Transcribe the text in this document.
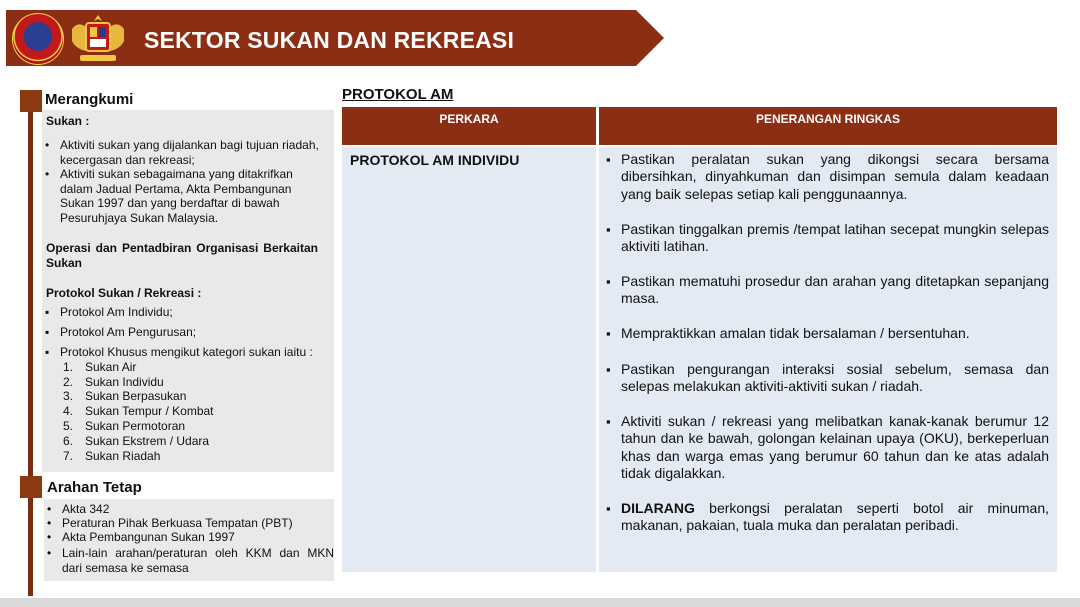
SEKTOR SUKAN DAN REKREASI
Merangkumi
Sukan :
• Aktiviti sukan yang dijalankan bagi tujuan riadah, kecergasan dan rekreasi;
• Aktiviti sukan sebagaimana yang ditakrifkan dalam Jadual Pertama, Akta Pembangunan Sukan 1997 dan yang berdaftar di bawah Pesuruhjaya Sukan Malaysia.
Operasi dan Pentadbiran Organisasi Berkaitan Sukan
Protokol Sukan / Rekreasi :
▪ Protokol Am Individu;
▪ Protokol Am Pengurusan;
▪ Protokol Khusus mengikut kategori sukan iaitu :
1. Sukan Air
2. Sukan Individu
3. Sukan Berpasukan
4. Sukan Tempur / Kombat
5. Sukan Permotoran
6. Sukan Ekstrem / Udara
7. Sukan Riadah
Arahan Tetap
• Akta 342
• Peraturan Pihak Berkuasa Tempatan (PBT)
• Akta Pembangunan Sukan 1997
• Lain-lain arahan/peraturan oleh KKM dan MKN dari semasa ke semasa
PROTOKOL AM
PERKARA	PENERANGAN RINGKAS
PROTOKOL AM INDIVIDU
▪	Pastikan peralatan sukan yang dikongsi secara bersama dibersihkan, dinyahkuman dan disimpan semula dalam keadaan yang baik selepas setiap kali penggunaannya.
▪ Pastikan tinggalkan premis /tempat latihan secepat mungkin selepas aktiviti latihan.
▪ Pastikan mematuhi prosedur dan arahan yang ditetapkan sepanjang masa.
▪ Mempraktikkan amalan tidak bersalaman / bersentuhan.
▪ Pastikan pengurangan interaksi sosial sebelum, semasa dan selepas melakukan aktiviti-aktiviti sukan / riadah.
▪ Aktiviti sukan / rekreasi yang melibatkan kanak-kanak berumur 12 tahun dan ke bawah, golongan kelainan upaya (OKU), berkeperluan khas dan warga emas yang berumur 60 tahun dan ke atas adalah tidak digalakkan.
▪ DILARANG berkongsi peralatan seperti botol air minuman, makanan, pakaian, tuala muka dan peralatan peribadi.
